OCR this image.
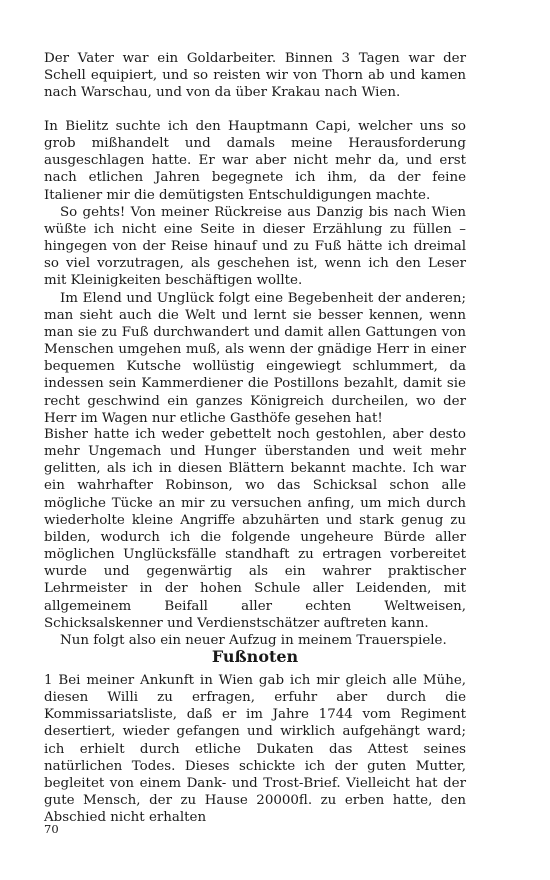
Der Vater war ein Goldarbeiter. Binnen 3 Tagen war der Schell equipiert, und so reisten wir von Thorn ab und kamen nach Warschau, und von da über Krakau nach Wien.

In Bielitz suchte ich den Hauptmann Capi, welcher uns so grob mißhandelt und damals meine Herausforderung ausgeschlagen hatte. Er war aber nicht mehr da, und erst nach etlichen Jahren begegnete ich ihm, da der feine Italiener mir die demütigsten Entschuldigungen machte.

So gehts! Von meiner Rückreise aus Danzig bis nach Wien wüßte ich nicht eine Seite in dieser Erzählung zu füllen – hingegen von der Reise hinauf und zu Fuß hätte ich dreimal so viel vorzutragen, als geschehen ist, wenn ich den Leser mit Kleinigkeiten beschäftigen wollte.

Im Elend und Unglück folgt eine Begebenheit der anderen; man sieht auch die Welt und lernt sie besser kennen, wenn man sie zu Fuß durchwandert und damit allen Gattungen von Menschen umgehen muß, als wenn der gnädige Herr in einer bequemen Kutsche wollüstig eingewiegt schlummert, da indessen sein Kammerdiener die Postillons bezahlt, damit sie recht geschwind ein ganzes Königreich durcheilen, wo der Herr im Wagen nur etliche Gasthöfe gesehen hat!

Bisher hatte ich weder gebettelt noch gestohlen, aber desto mehr Ungemach und Hunger überstanden und weit mehr gelitten, als ich in diesen Blättern bekannt machte. Ich war ein wahrhafter Robinson, wo das Schicksal schon alle mögliche Tücke an mir zu versuchen anfing, um mich durch wiederholte kleine Angriffe abzuhärten und stark genug zu bilden, wodurch ich die folgende ungeheure Bürde aller möglichen Unglücksfälle standhaft zu ertragen vorbereitet wurde und gegenwärtig als ein wahrer praktischer Lehrmeister in der hohen Schule aller Leidenden, mit allgemeinem Beifall aller echten Weltweisen, Schicksalskenner und Verdienstschätzer auftreten kann.

Nun folgt also ein neuer Aufzug in meinem Trauerspiele.

Fußnoten

1 Bei meiner Ankunft in Wien gab ich mir gleich alle Mühe, diesen Willi zu erfragen, erfuhr aber durch die Kommissariatsliste, daß er im Jahre 1744 vom Regiment desertiert, wieder gefangen und wirklich aufgehängt ward; ich erhielt durch etliche Dukaten das Attest seines natürlichen Todes. Dieses schickte ich der guten Mutter, begleitet von einem Dank- und Trost-Brief. Vielleicht hat der gute Mensch, der zu Hause 20000fl. zu erben hatte, den Abschied nicht erhalten

70
